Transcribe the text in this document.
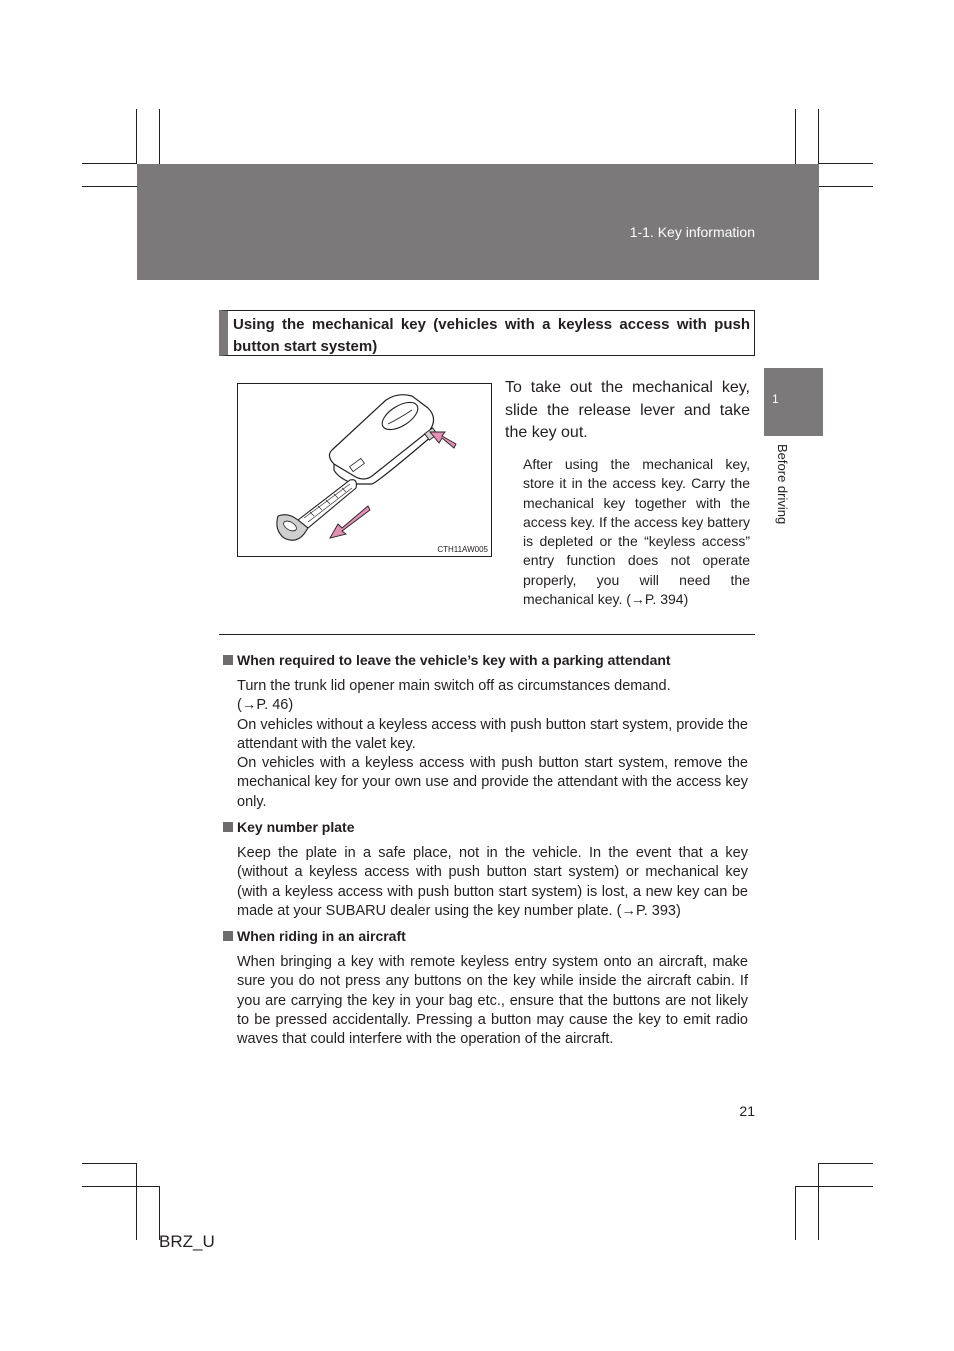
1-1. Key information
1
Before driving
Using the mechanical key (vehicles with a keyless access with push button start system)
CTH11AW005
To take out the mechanical key, slide the release lever and take the key out.
After using the mechanical key, store it in the access key. Carry the mechanical key together with the access key. If the access key battery is depleted or the “keyless access” entry function does not operate properly, you will need the mechanical key. (→P. 394)
When required to leave the vehicle’s key with a parking attendant

Turn the trunk lid opener main switch off as circumstances demand.

(→P. 46)

On vehicles without a keyless access with push button start system, provide the attendant with the valet key.

On vehicles with a keyless access with push button start system, remove the mechanical key for your own use and provide the attendant with the access key only.

Key number plate

Keep the plate in a safe place, not in the vehicle. In the event that a key (without a keyless access with push button start system) or mechanical key (with a keyless access with push button start system) is lost, a new key can be made at your SUBARU dealer using the key number plate. (→P. 393)

When riding in an aircraft

When bringing a key with remote keyless entry system onto an aircraft, make sure you do not press any buttons on the key while inside the aircraft cabin. If you are carrying the key in your bag etc., ensure that the buttons are not likely to be pressed accidentally. Pressing a button may cause the key to emit radio waves that could interfere with the operation of the aircraft.

21
BRZ_U
